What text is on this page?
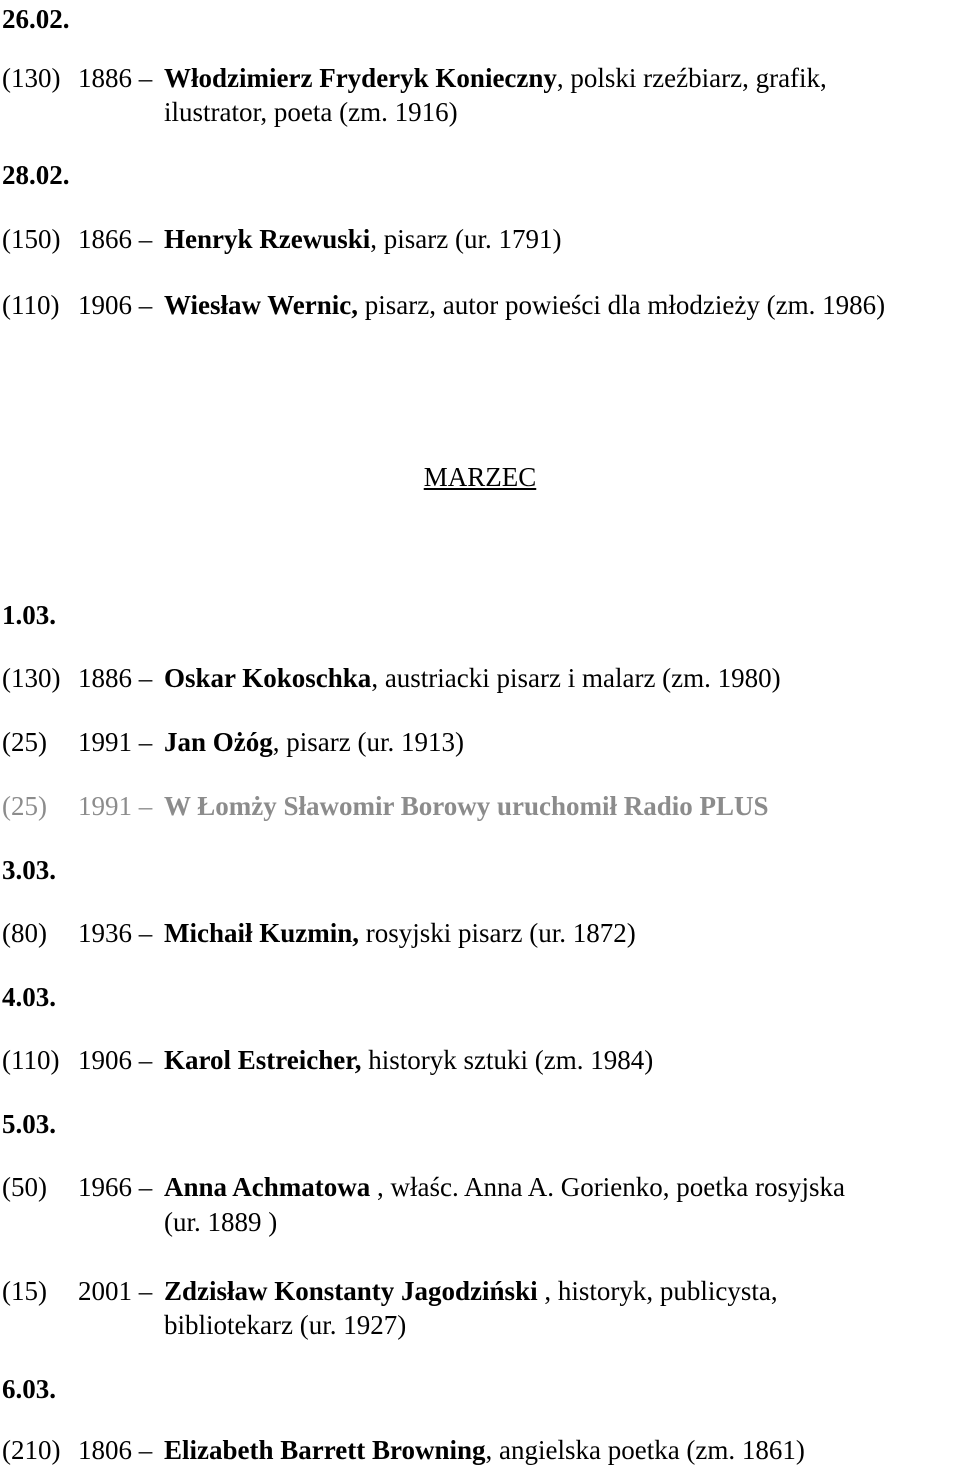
26.02.
(130) 1886 – Włodzimierz Fryderyk Konieczny, polski rzeźbiarz, grafik,
ilustrator, poeta (zm. 1916)
28.02.
(150) 1866 – Henryk Rzewuski, pisarz (ur. 1791)
(110) 1906 – Wiesław Wernic, pisarz, autor powieści dla młodzieży (zm. 1986)
MARZEC
1.03.
(130) 1886 – Oskar Kokoschka, austriacki pisarz i malarz (zm. 1980)
(25) 1991 – Jan Ożóg, pisarz (ur. 1913)
(25) 1991 – W Łomży Sławomir Borowy uruchomił Radio PLUS
3.03.
(80) 1936 – Michaił Kuzmin, rosyjski pisarz (ur. 1872)
4.03.
(110) 1906 – Karol Estreicher, historyk sztuki (zm. 1984)
5.03.
(50) 1966 – Anna Achmatowa , właśc. Anna A. Gorienko, poetka rosyjska
(ur. 1889 )
(15) 2001 – Zdzisław Konstanty Jagodziński , historyk, publicysta,
bibliotekarz (ur. 1927)
6.03.
(210) 1806 – Elizabeth Barrett Browning, angielska poetka (zm. 1861)
